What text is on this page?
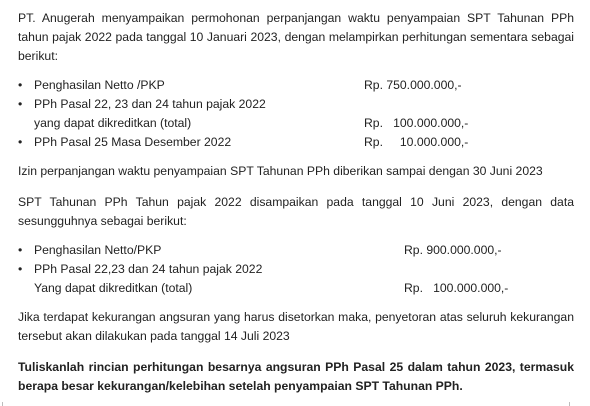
PT. Anugerah menyampaikan permohonan perpanjangan waktu penyampaian SPT Tahunan PPh tahun pajak 2022 pada tanggal 10 Januari 2023, dengan melampirkan perhitungan sementara sebagai berikut:

• Penghasilan Netto /PKP	Rp. 750.000.000,-
• PPh Pasal 22, 23 dan 24 tahun pajak 2022
yang dapat dikreditkan (total)	Rp.   100.000.000,-
• PPh Pasal 25 Masa Desember 2022	Rp.     10.000.000,-

Izin perpanjangan waktu penyampaian SPT Tahunan PPh diberikan sampai dengan 30 Juni 2023

SPT Tahunan PPh Tahun pajak 2022 disampaikan pada tanggal 10 Juni 2023, dengan data sesungguhnya sebagai berikut:

• Penghasilan Netto/PKP	Rp. 900.000.000,-
• PPh Pasal 22,23 dan 24 tahun pajak 2022
Yang dapat dikreditkan (total)	Rp.   100.000.000,-

Jika terdapat kekurangan angsuran yang harus disetorkan maka, penyetoran atas seluruh kekurangan tersebut akan dilakukan pada tanggal 14 Juli 2023

Tuliskanlah rincian perhitungan besarnya angsuran PPh Pasal 25 dalam tahun 2023, termasuk berapa besar kekurangan/kelebihan setelah penyampaian SPT Tahunan PPh.
